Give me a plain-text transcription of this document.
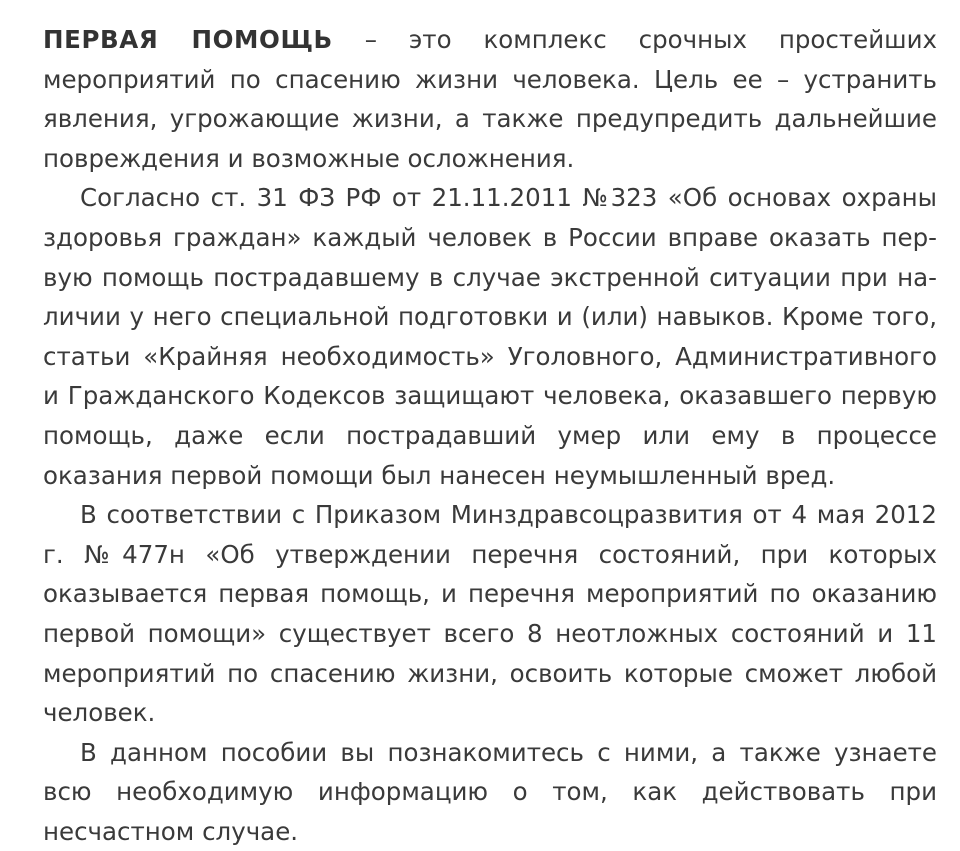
ПЕРВАЯ ПОМОЩЬ – это комплекс срочных простейших мероприятий по спасению жизни человека. Цель ее – устранить явления, угрожающие жизни, а также предупредить дальнейшие повреждения и возможные осложнения.

Согласно ст. 31 ФЗ РФ от 21.11.2011 №323 «Об основах охраны здоровья граждан» каждый человек в России вправе оказать первую помощь пострадавшему в случае экстренной ситуации при наличии у него специальной подготовки и (или) навыков. Кроме того, статьи «Крайняя необходимость» Уголовного, Административного и Гражданского Кодексов защищают человека, оказавшего первую помощь, даже если пострадавший умер или ему в процессе оказания первой помощи был нанесен неумышленный вред.

В соответствии с Приказом Минздравсоцразвития от 4 мая 2012 г. №477н «Об утверждении перечня состояний, при которых оказывается первая помощь, и перечня мероприятий по оказанию первой помощи» существует всего 8 неотложных состояний и 11 мероприятий по спасению жизни, освоить которые сможет любой человек.

В данном пособии вы познакомитесь с ними, а также узнаете всю необходимую информацию о том, как действовать при несчастном случае.
